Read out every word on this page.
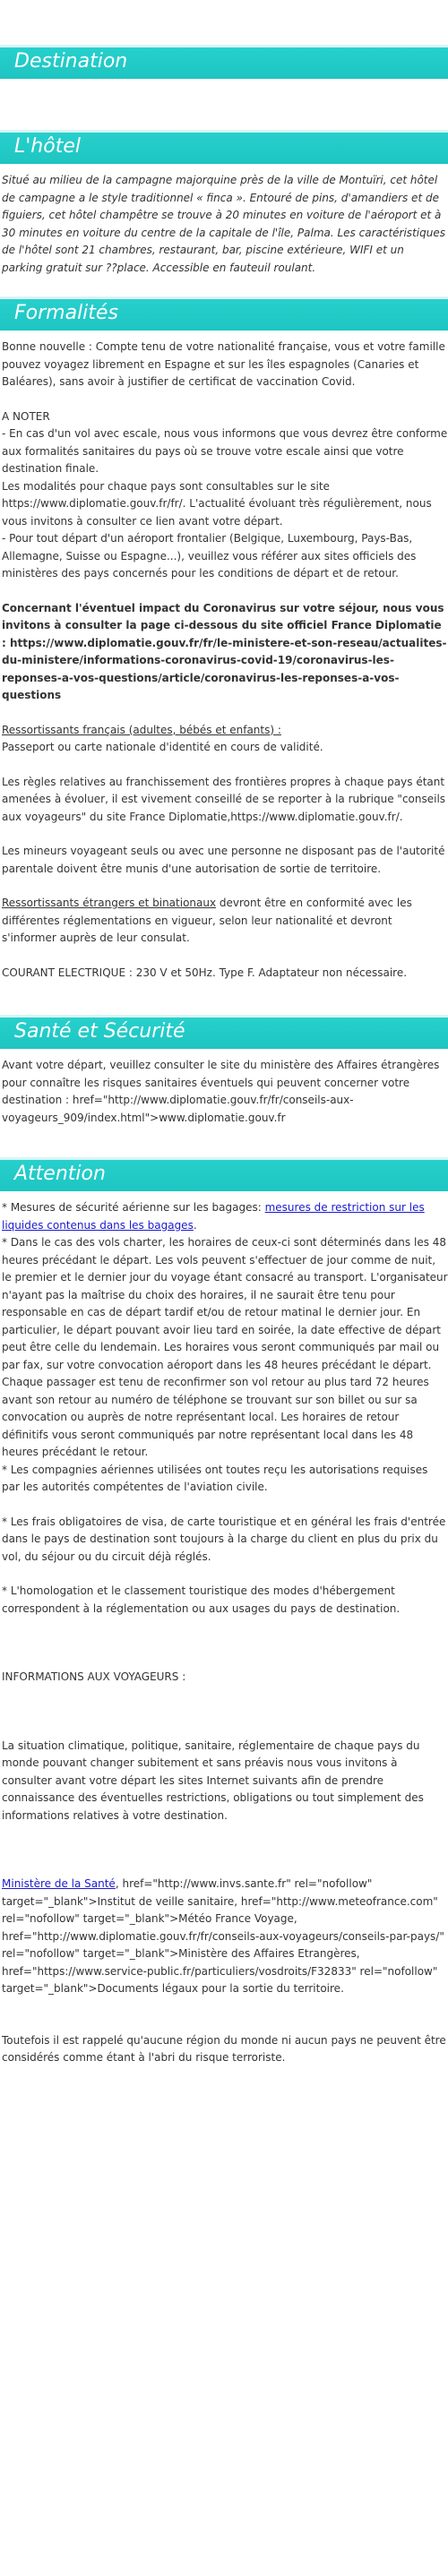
Destination
L'hôtel

Situé au milieu de la campagne majorquine près de la ville de Montuïri, cet hôtel de campagne a le style traditionnel « finca ». Entouré de pins, d'amandiers et de figuiers, cet hôtel champêtre se trouve à 20 minutes en voiture de l'aéroport et à 30 minutes en voiture du centre de la capitale de l'île, Palma. Les caractéristiques de l'hôtel sont 21 chambres, restaurant, bar, piscine extérieure, WIFI et un parking gratuit sur ??place. Accessible en fauteuil roulant.

Formalités

Bonne nouvelle : Compte tenu de votre nationalité française, vous et votre famille pouvez voyagez librement en Espagne et sur les îles espagnoles (Canaries et Baléares), sans avoir à justifier de certificat de vaccination Covid.

A NOTER

- En cas d'un vol avec escale, nous vous informons que vous devrez être conforme aux formalités sanitaires du pays où se trouve votre escale ainsi que votre destination finale.

Les modalités pour chaque pays sont consultables sur le site https://www.diplomatie.gouv.fr/fr/. L'actualité évoluant très régulièrement, nous vous invitons à consulter ce lien avant votre départ.

- Pour tout départ d'un aéroport frontalier (Belgique, Luxembourg, Pays-Bas, Allemagne, Suisse ou Espagne...), veuillez vous référer aux sites officiels des ministères des pays concernés pour les conditions de départ et de retour.

Concernant l'éventuel impact du Coronavirus sur votre séjour, nous vous invitons à consulter la page ci-dessous du site officiel France Diplomatie : https://www.diplomatie.gouv.fr/fr/le-ministere-et-son-reseau/actualites-du-ministere/informations-coronavirus-covid-19/coronavirus-les-reponses-a-vos-questions/article/coronavirus-les-reponses-a-vos-questions

Ressortissants français (adultes, bébés et enfants) :

Passeport ou carte nationale d'identité en cours de validité.

Les règles relatives au franchissement des frontières propres à chaque pays étant amenées à évoluer, il est vivement conseillé de se reporter à la rubrique "conseils aux voyageurs" du site France Diplomatie,https://www.diplomatie.gouv.fr/.

Les mineurs voyageant seuls ou avec une personne ne disposant pas de l'autorité parentale doivent être munis d'une autorisation de sortie de territoire.

Ressortissants étrangers et binationaux devront être en conformité avec les différentes réglementations en vigueur, selon leur nationalité et devront s'informer auprès de leur consulat.

COURANT ELECTRIQUE : 230 V et 50Hz. Type F. Adaptateur non nécessaire.

Santé et Sécurité

Avant votre départ, veuillez consulter le site du ministère des Affaires étrangères pour connaître les risques sanitaires éventuels qui peuvent concerner votre destination : href="http://www.diplomatie.gouv.fr/fr/conseils-aux-voyageurs_909/index.html">www.diplomatie.gouv.fr

Attention

* Mesures de sécurité aérienne sur les bagages: mesures de restriction sur les liquides contenus dans les bagages.

* Dans le cas des vols charter, les horaires de ceux-ci sont déterminés dans les 48 heures précédant le départ. Les vols peuvent s'effectuer de jour comme de nuit, le premier et le dernier jour du voyage étant consacré au transport. L'organisateur n'ayant pas la maîtrise du choix des horaires, il ne saurait être tenu pour responsable en cas de départ tardif et/ou de retour matinal le dernier jour. En particulier, le départ pouvant avoir lieu tard en soirée, la date effective de départ peut être celle du lendemain. Les horaires vous seront communiqués par mail ou par fax, sur votre convocation aéroport dans les 48 heures précédant le départ. Chaque passager est tenu de reconfirmer son vol retour au plus tard 72 heures avant son retour au numéro de téléphone se trouvant sur son billet ou sur sa convocation ou auprès de notre représentant local. Les horaires de retour définitifs vous seront communiqués par notre représentant local dans les 48 heures précédant le retour.

* Les compagnies aériennes utilisées ont toutes reçu les autorisations requises par les autorités compétentes de l'aviation civile.

* Les frais obligatoires de visa, de carte touristique et en général les frais d'entrée dans le pays de destination sont toujours à la charge du client en plus du prix du vol, du séjour ou du circuit déjà réglés.

* L'homologation et le classement touristique des modes d'hébergement correspondent à la réglementation ou aux usages du pays de destination.

INFORMATIONS AUX VOYAGEURS :

La situation climatique, politique, sanitaire, réglementaire de chaque pays du monde pouvant changer subitement et sans préavis nous vous invitons à consulter avant votre départ les sites Internet suivants afin de prendre connaissance des éventuelles restrictions, obligations ou tout simplement des informations relatives à votre destination.

Ministère de la Santé, href="http://www.invs.sante.fr" rel="nofollow" target="_blank">Institut de veille sanitaire, href="http://www.meteofrance.com" rel="nofollow" target="_blank">Météo France Voyage, href="http://www.diplomatie.gouv.fr/fr/conseils-aux-voyageurs/conseils-par-pays/" rel="nofollow" target="_blank">Ministère des Affaires Etrangères, href="https://www.service-public.fr/particuliers/vosdroits/F32833" rel="nofollow" target="_blank">Documents légaux pour la sortie du territoire.

Toutefois il est rappelé qu'aucune région du monde ni aucun pays ne peuvent être considérés comme étant à l'abri du risque terroriste.
